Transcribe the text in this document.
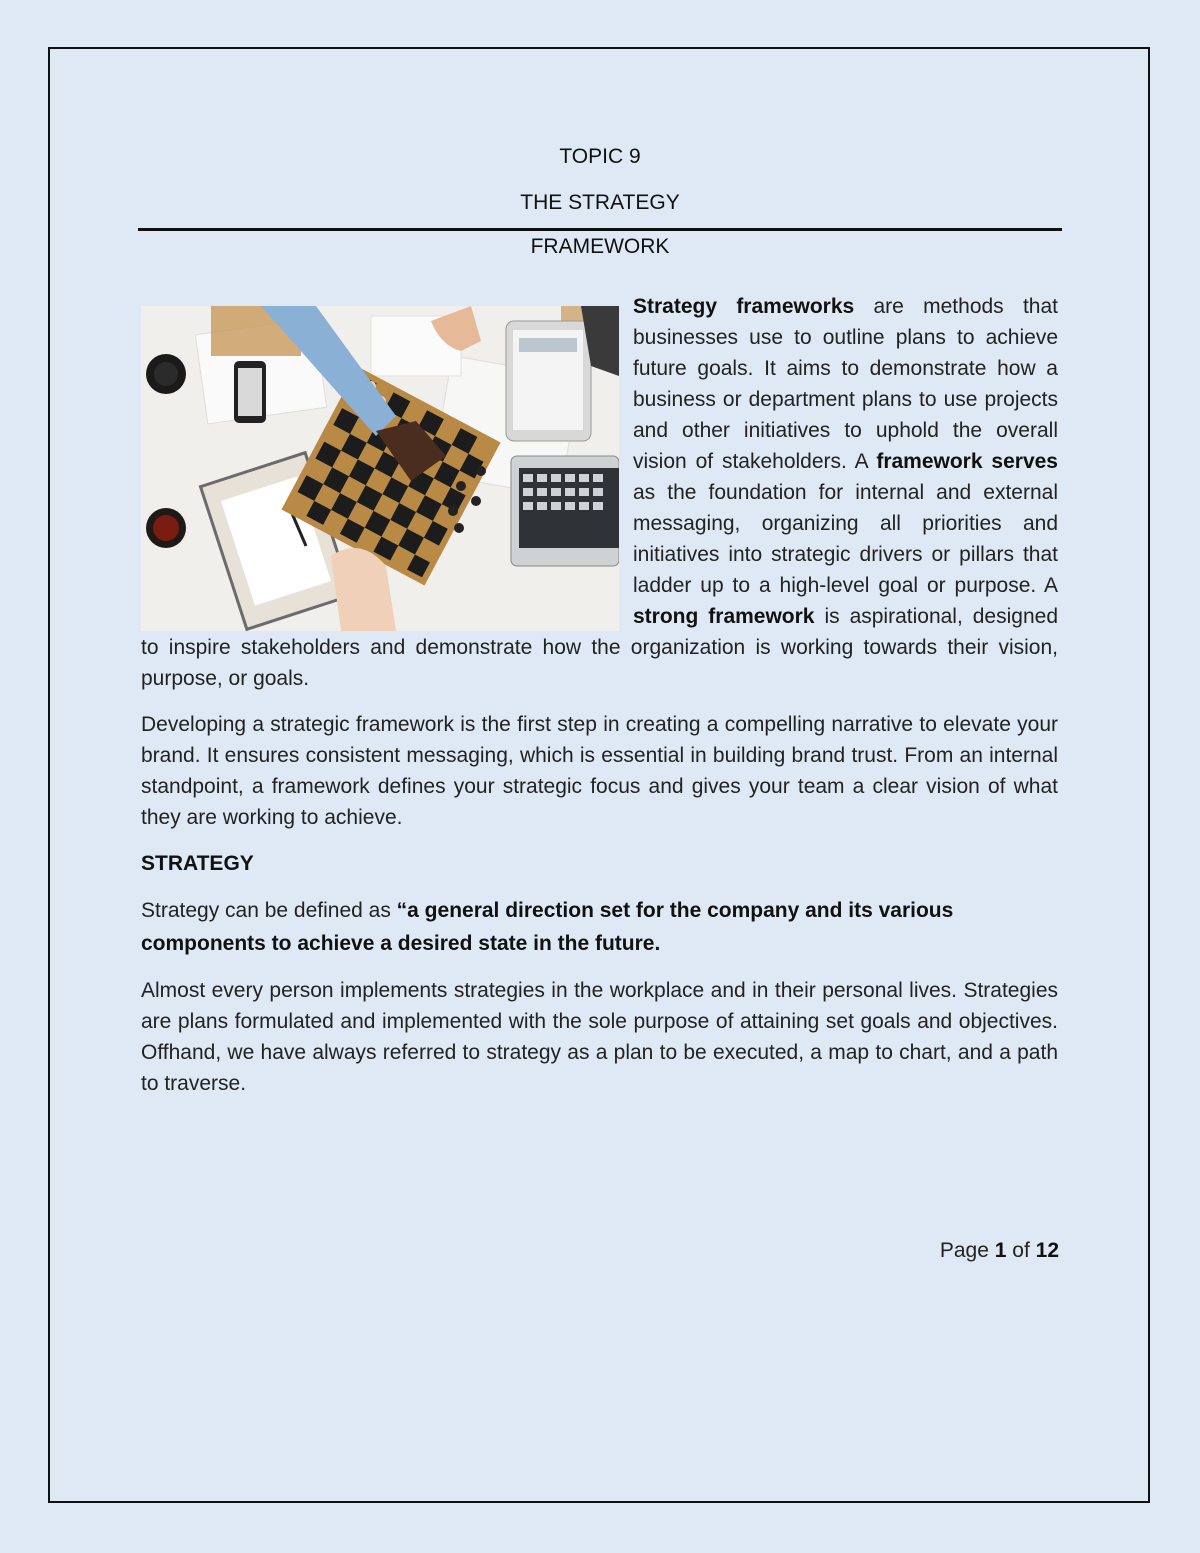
TOPIC 9
THE STRATEGY
FRAMEWORK

Strategy frameworks are methods that businesses use to outline plans to achieve future goals. It aims to demonstrate how a business or department plans to use projects and other initiatives to uphold the overall vision of stakeholders. A framework serves as the foundation for internal and external messaging, organizing all priorities and initiatives into strategic drivers or pillars that ladder up to a high-level goal or purpose. A strong framework is aspirational, designed to inspire stakeholders and demonstrate how the organization is working towards their vision, purpose, or goals.

Developing a strategic framework is the first step in creating a compelling narrative to elevate your brand. It ensures consistent messaging, which is essential in building brand trust. From an internal standpoint, a framework defines your strategic focus and gives your team a clear vision of what they are working to achieve.

STRATEGY

Strategy can be defined as “a general direction set for the company and its various components to achieve a desired state in the future.

Almost every person implements strategies in the workplace and in their personal lives. Strategies are plans formulated and implemented with the sole purpose of attaining set goals and objectives. Offhand, we have always referred to strategy as a plan to be executed, a map to chart, and a path to traverse.

Page 1 of 12
